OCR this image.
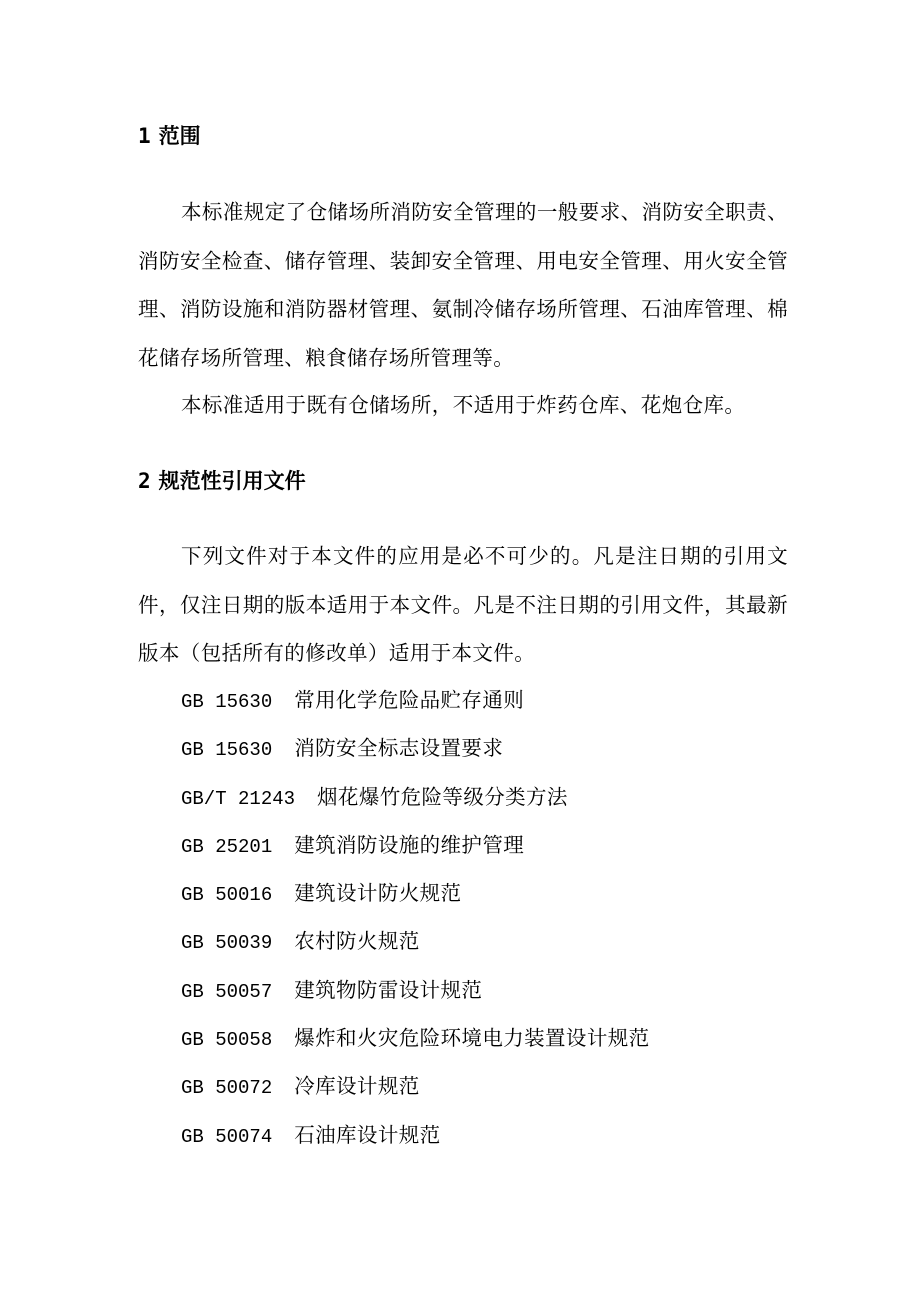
1 范围

本标准规定了仓储场所消防安全管理的一般要求、消防安全职责、消防安全检查、储存管理、装卸安全管理、用电安全管理、用火安全管理、消防设施和消防器材管理、氨制冷储存场所管理、石油库管理、棉花储存场所管理、粮食储存场所管理等。

本标准适用于既有仓储场所，不适用于炸药仓库、花炮仓库。

2 规范性引用文件

下列文件对于本文件的应用是必不可少的。凡是注日期的引用文件，仅注日期的版本适用于本文件。凡是不注日期的引用文件，其最新版本（包括所有的修改单）适用于本文件。

GB 15630 常用化学危险品贮存通则
GB 15630 消防安全标志设置要求
GB/T 21243 烟花爆竹危险等级分类方法
GB 25201 建筑消防设施的维护管理
GB 50016 建筑设计防火规范
GB 50039 农村防火规范
GB 50057 建筑物防雷设计规范
GB 50058 爆炸和火灾危险环境电力装置设计规范
GB 50072 冷库设计规范
GB 50074 石油库设计规范
